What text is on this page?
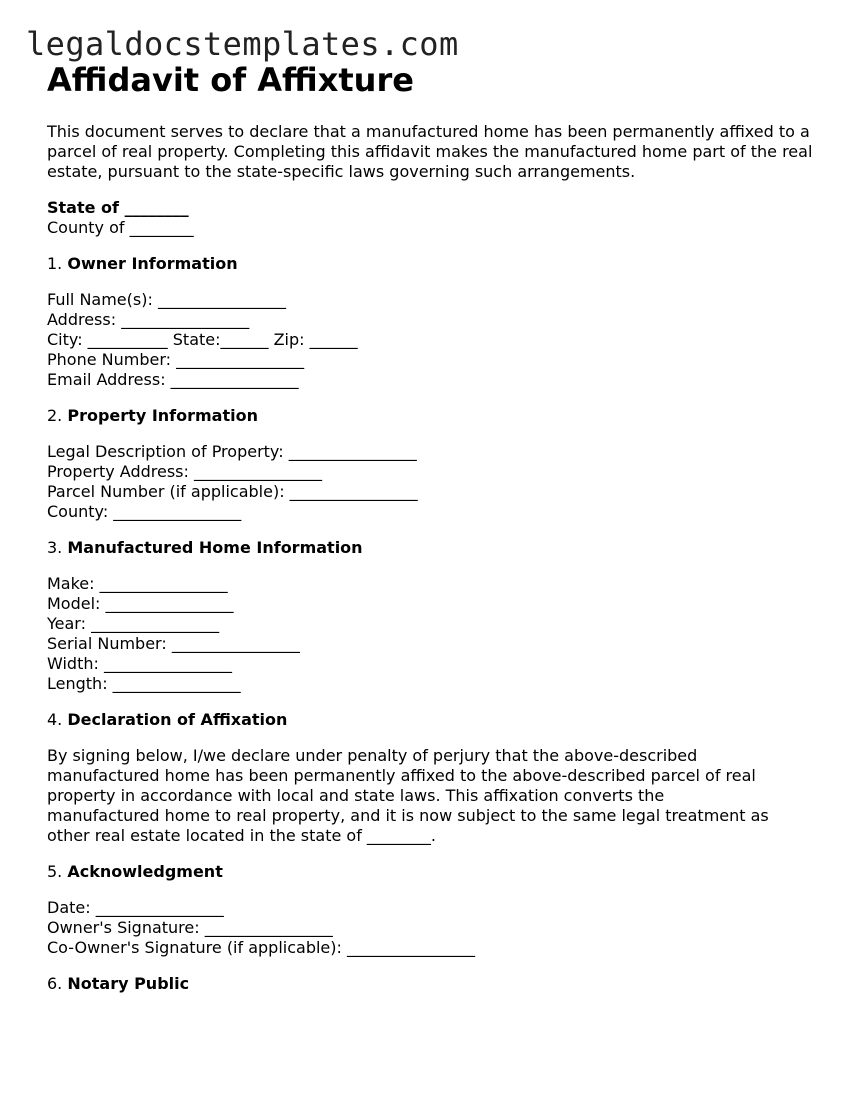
legaldocstemplates.com
Affidavit of Affixture
This document serves to declare that a manufactured home has been permanently affixed to a parcel of real property. Completing this affidavit makes the manufactured home part of the real estate, pursuant to the state-specific laws governing such arrangements.
State of ________
County of ________
1. Owner Information
Full Name(s): ________________
Address: ________________
City: __________ State:______ Zip: ______
Phone Number: ________________
Email Address: ________________
2. Property Information
Legal Description of Property: ________________
Property Address: ________________
Parcel Number (if applicable): ________________
County: ________________
3. Manufactured Home Information
Make: ________________
Model: ________________
Year: ________________
Serial Number: ________________
Width: ________________
Length: ________________
4. Declaration of Affixation
By signing below, I/we declare under penalty of perjury that the above-described
manufactured home has been permanently affixed to the above-described parcel of real
property in accordance with local and state laws. This affixation converts the
manufactured home to real property, and it is now subject to the same legal treatment as
other real estate located in the state of ________.
5. Acknowledgment
Date: ________________
Owner's Signature: ________________
Co-Owner's Signature (if applicable): ________________
6. Notary Public
